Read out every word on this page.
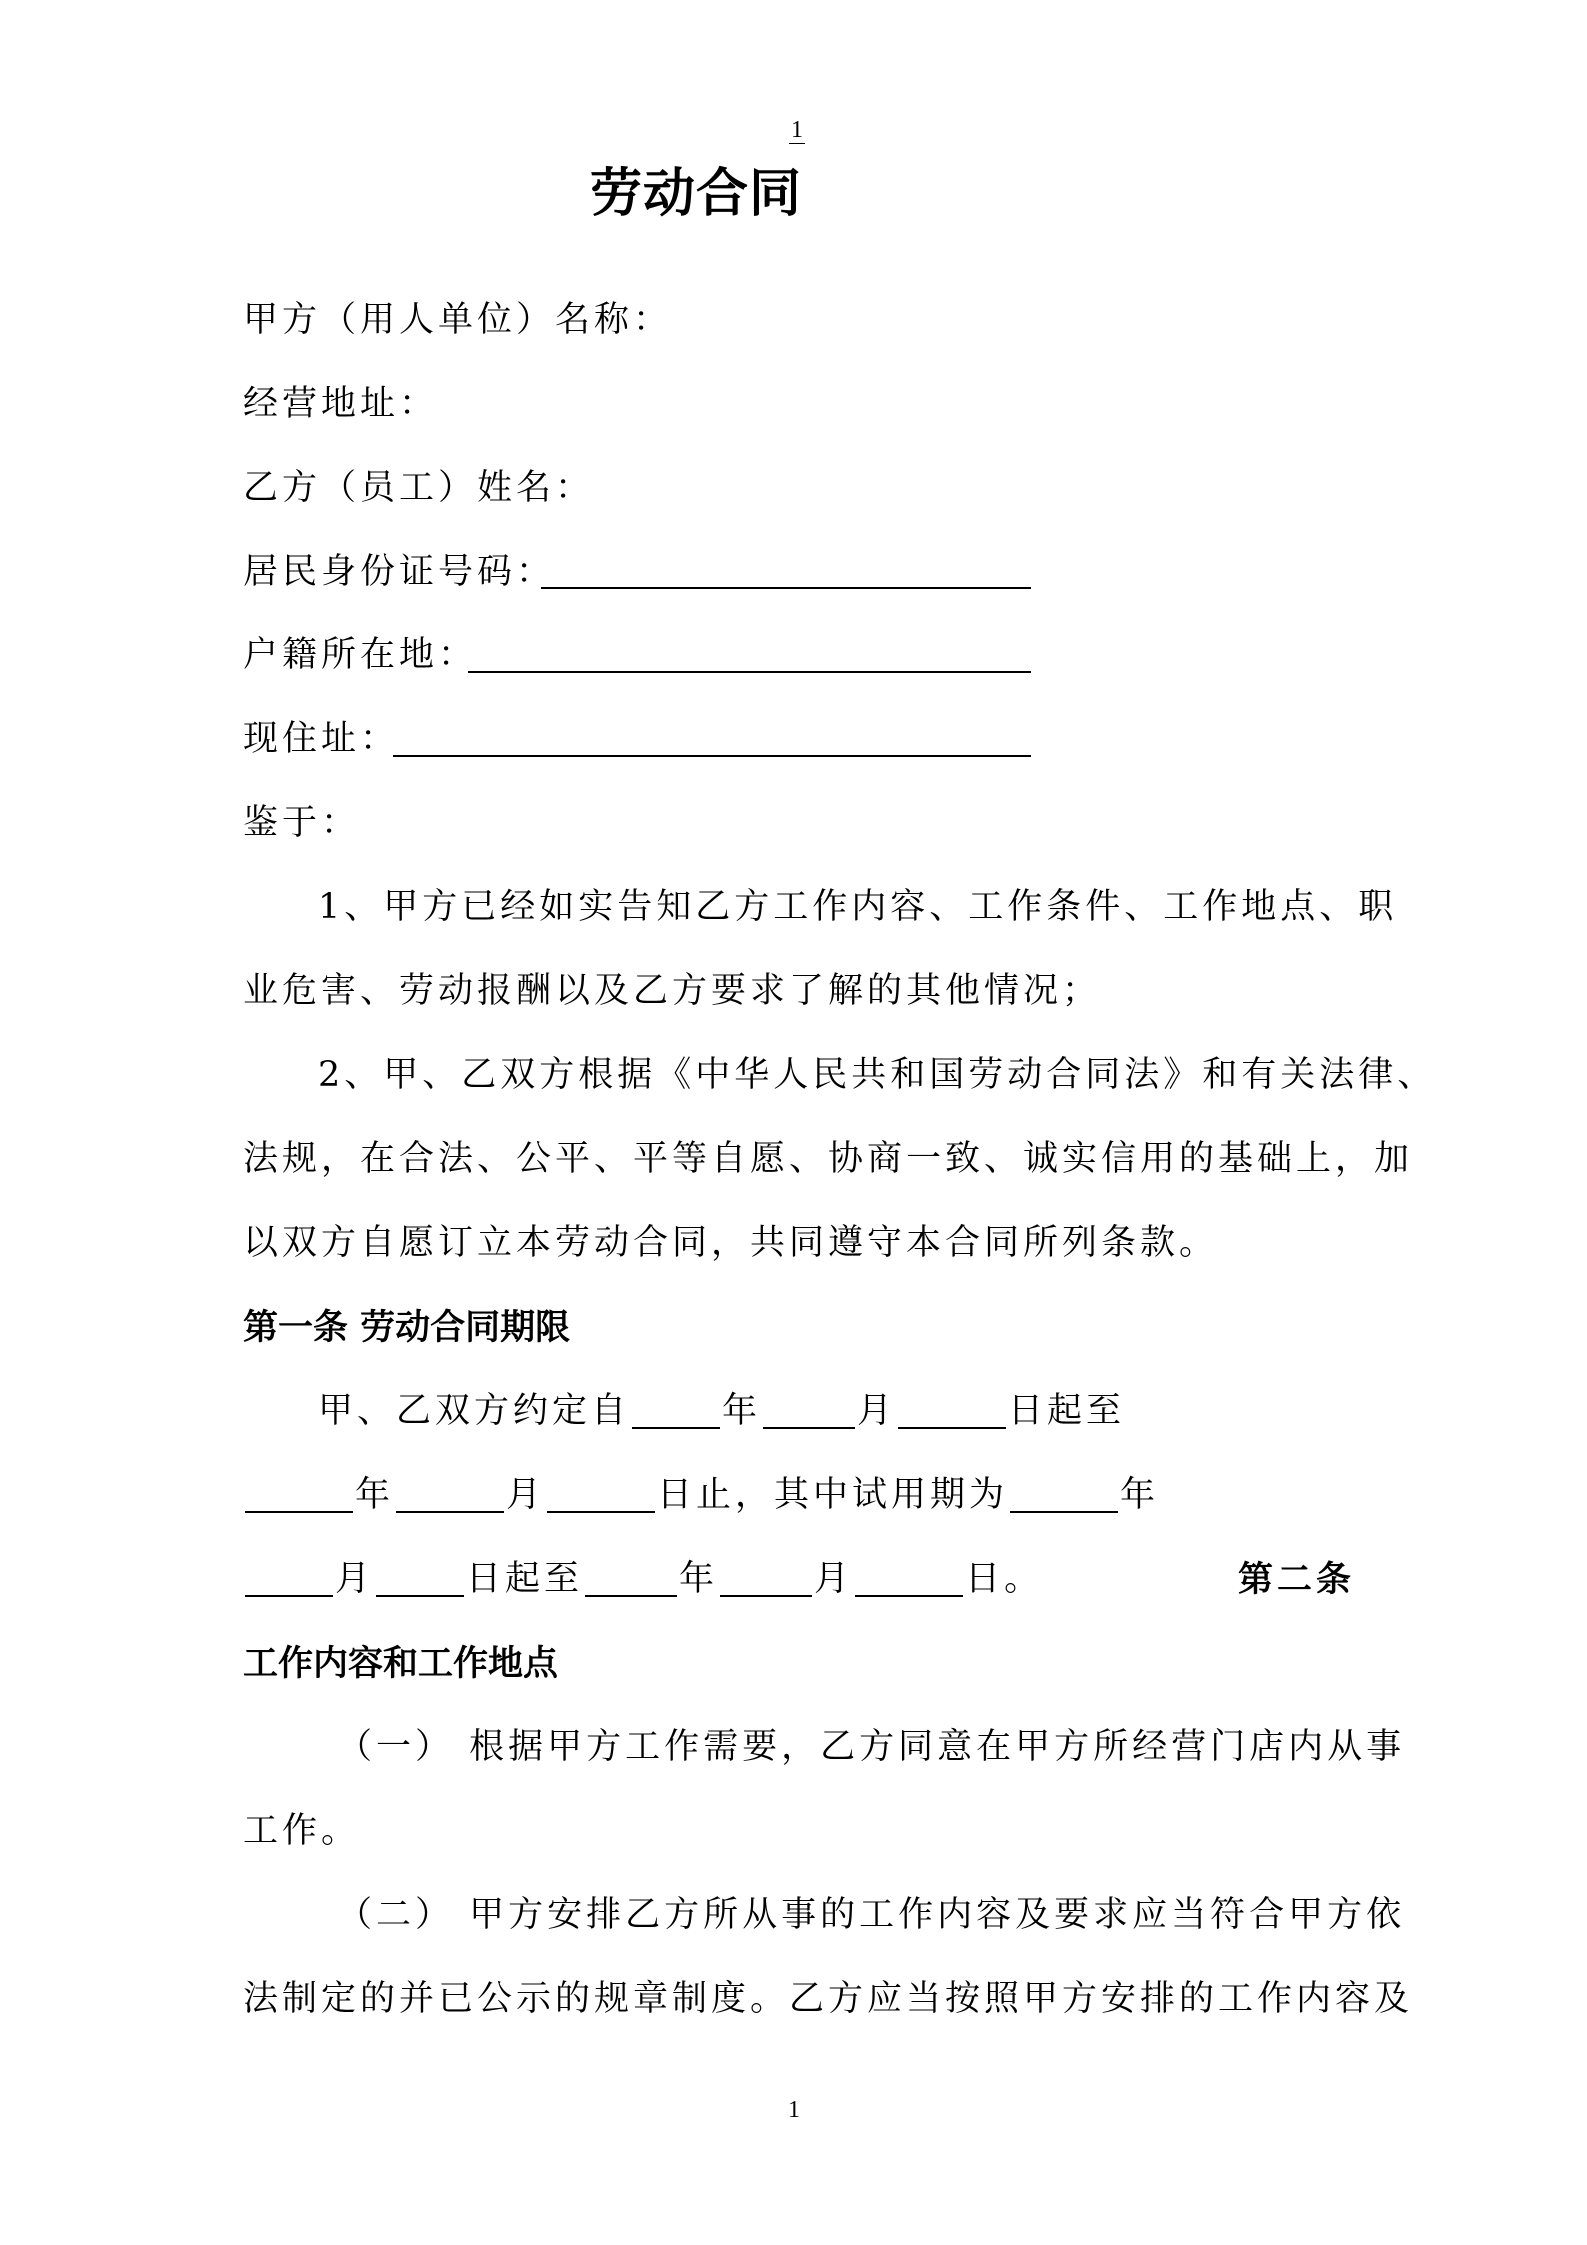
1
劳动合同
甲方（用人单位）名称：
经营地址：
乙方（员工）姓名：
居民身份证号码：
户籍所在地：
现住址：
鉴于：
1、甲方已经如实告知乙方工作内容、工作条件、工作地点、职
业危害、劳动报酬以及乙方要求了解的其他情况；
2、甲、乙双方根据《中华人民共和国劳动合同法》和有关法律、
法规，在合法、公平、平等自愿、协商一致、诚实信用的基础上，加
以双方自愿订立本劳动合同，共同遵守本合同所列条款。
第一条 劳动合同期限
甲、乙双方约定自	年	月	日起至
年	月	日止，其中试用期为	年
月	日起至	年	月	日。	第二条
工作内容和工作地点
（一） 根据甲方工作需要，乙方同意在甲方所经营门店内从事
工作。
（二） 甲方安排乙方所从事的工作内容及要求应当符合甲方依
法制定的并已公示的规章制度。乙方应当按照甲方安排的工作内容及
1
